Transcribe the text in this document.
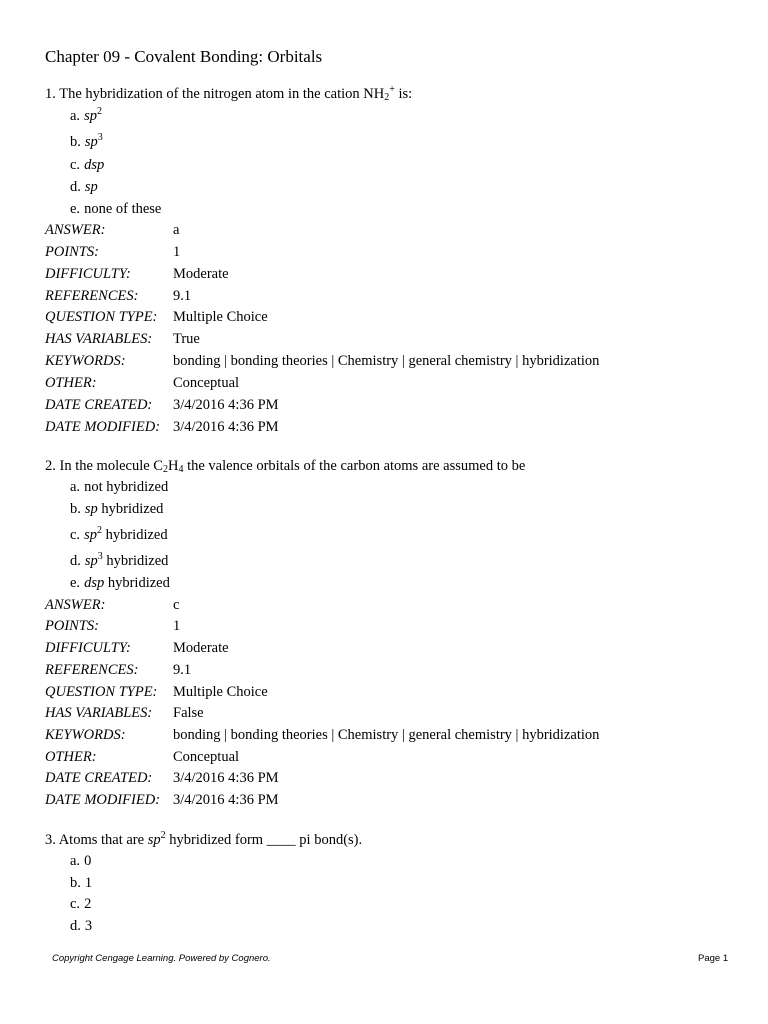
Chapter 09 - Covalent Bonding: Orbitals
1. The hybridization of the nitrogen atom in the cation $NH_2^+$ is:
a. $sp^2$
b. $sp^3$
c. dsp
d. sp
e. none of these
ANSWER:	a
POINTS:	1
DIFFICULTY:	Moderate
REFERENCES: 9.1
QUESTION TYPE: Multiple Choice
HAS VARIABLES: True
KEYWORDS:	bonding | bonding theories | Chemistry | general chemistry | hybridization
OTHER:	Conceptual
DATE CREATED: 3/4/2016 4:36 PM
DATE MODIFIED: 3/4/2016 4:36 PM
2. In the molecule $C_2H_4$ the valence orbitals of the carbon atoms are assumed to be
a. not hybridized
b. sp hybridized
c. $sp^2$ hybridized
d. $sp^3$ hybridized
e. dsp hybridized
ANSWER:	c
POINTS:	1
DIFFICULTY:	Moderate
REFERENCES: 9.1
QUESTION TYPE: Multiple Choice
HAS VARIABLES: False
KEYWORDS:	bonding | bonding theories | Chemistry | general chemistry | hybridization
OTHER:	Conceptual
DATE CREATED: 3/4/2016 4:36 PM
DATE MODIFIED: 3/4/2016 4:36 PM
3. Atoms that are $sp^2$ hybridized form ____ pi bond(s).
a. 0
b. 1
c. 2
d. 3
Copyright Cengage Learning. Powered by Cognero.	Page 1
